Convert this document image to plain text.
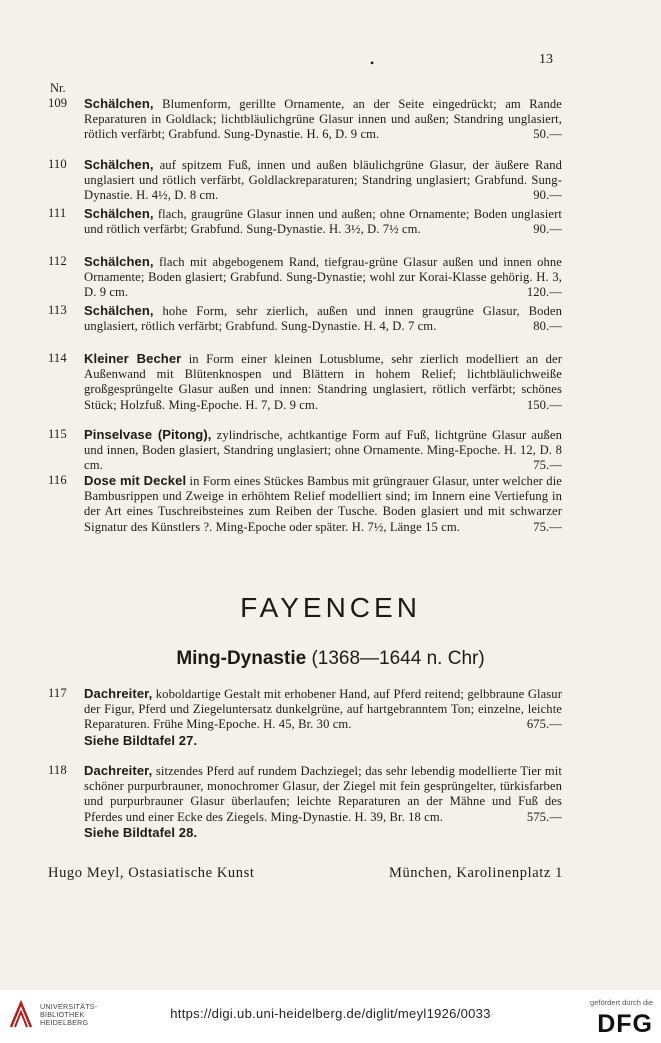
•	13
Nr.
109 Schälchen, Blumenform, gerillte Ornamente, an der Seite eingedrückt; am Rande Reparaturen in Goldlack; lichtbläulichgrüne Glasur innen und außen; Standring unglasiert, rötlich verfärbt; Grabfund. Sung-Dynastie. H. 6, D. 9 cm.	50.—
110 Schälchen, auf spitzem Fuß, innen und außen bläulichgrüne Glasur, der äußere Rand unglasiert und rötlich verfärbt, Goldlackreparaturen; Standring unglasiert; Grabfund. Sung-Dynastie. H. 4½, D. 8 cm.	90.—
111 Schälchen, flach, graugrüne Glasur innen und außen; ohne Ornamente; Boden unglasiert und rötlich verfärbt; Grabfund. Sung-Dynastie. H. 3½, D. 7½ cm.	90.—
112 Schälchen, flach mit abgebogenem Rand, tiefgrau-grüne Glasur außen und innen ohne Ornamente; Boden glasiert; Grabfund. Sung-Dynastie; wohl zur Korai-Klasse gehörig. H. 3, D. 9 cm.	120.—
113 Schälchen, hohe Form, sehr zierlich, außen und innen graugrüne Glasur, Boden unglasiert, rötlich verfärbt; Grabfund. Sung-Dynastie. H. 4, D. 7 cm.	80.—
114 Kleiner Becher in Form einer kleinen Lotusblume, sehr zierlich modelliert an der Außenwand mit Blütenknospen und Blättern in hohem Relief; lichtbläulichweiße großgesprüngelte Glasur außen und innen: Standring unglasiert, rötlich verfärbt; schönes Stück; Holzfuß. Ming-Epoche. H. 7, D. 9 cm.	150.—
115 Pinselvase (Pitong), zylindrische, achtkantige Form auf Fuß, lichtgrüne Glasur außen und innen, Boden glasiert, Standring unglasiert; ohne Ornamente. Ming-Epoche. H. 12, D. 8 cm.	75.—
116 Dose mit Deckel in Form eines Stückes Bambus mit grüngrauer Glasur, unter welcher die Bambusrippen und Zweige in erhöhtem Relief modelliert sind; im Innern eine Vertiefung in der Art eines Tuschreibsteines zum Reiben der Tusche. Boden glasiert und mit schwarzer Signatur des Künstlers ?. Ming-Epoche oder später. H. 7½, Länge 15 cm.	75.—
FAYENCEN
Ming-Dynastie (1368—1644 n. Chr)
117 Dachreiter, koboldartige Gestalt mit erhobener Hand, auf Pferd reitend; gelbbraune Glasur der Figur, Pferd und Ziegeluntersatz dunkelgrüne, auf hartgebranntem Ton; einzelne, leichte Reparaturen. Frühe Ming-Epoche. H. 45, Br. 30 cm.	675.—

Siehe Bildtafel 27.
118 Dachreiter, sitzendes Pferd auf rundem Dachziegel; das sehr lebendig modellierte Tier mit schöner purpurbrauner, monochromer Glasur, der Ziegel mit fein gesprüngelter, türkisfarben und purpurbrauner Glasur überlaufen; leichte Reparaturen an der Mähne und Fuß des Pferdes und einer Ecke des Ziegels. Ming-Dynastie. H. 39, Br. 18 cm.	575.—

Siehe Bildtafel 28.
Hugo Meyl, Ostasiatische Kunst	München, Karolinenplatz 1
UNIVERSITÄTS-
BIBLIOTHEK
HEIDELBERG
https://digi.ub.uni-heidelberg.de/diglit/meyl1926/0033
gefördert durch die
DFG
